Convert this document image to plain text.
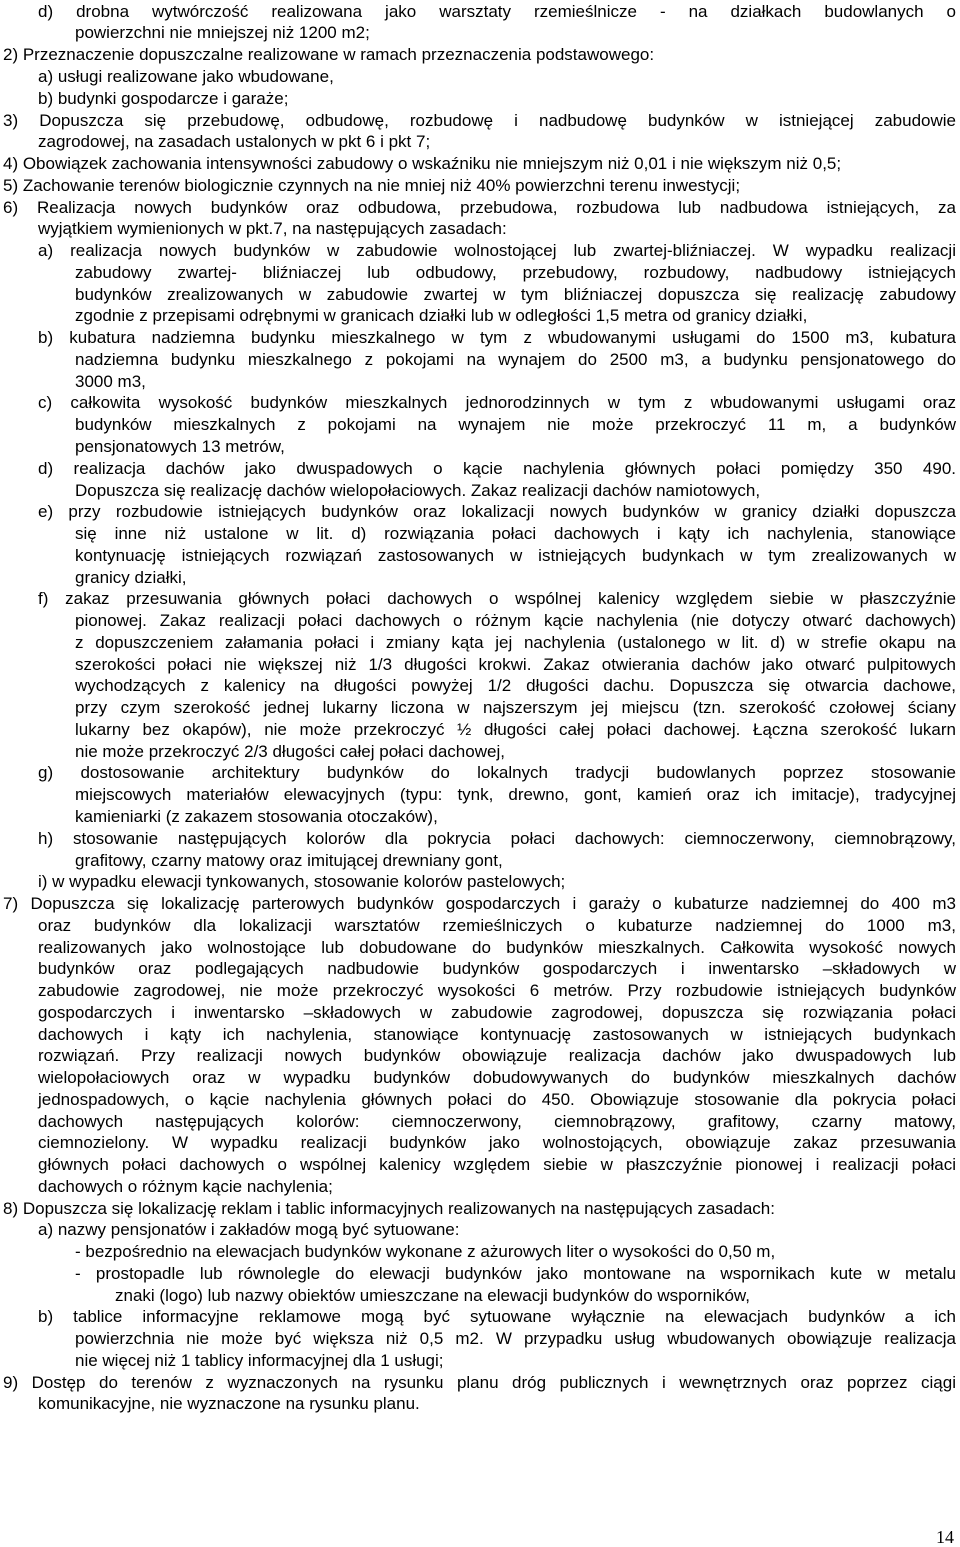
d) drobna wytwórczość realizowana jako warsztaty rzemieślnicze - na działkach budowlanych o

powierzchni nie mniejszej niż 1200 m2;

2) Przeznaczenie dopuszczalne realizowane w ramach przeznaczenia podstawowego:

a) usługi realizowane jako wbudowane,

b) budynki gospodarcze i garaże;

3) Dopuszcza się przebudowę, odbudowę, rozbudowę i nadbudowę budynków w istniejącej zabudowie

zagrodowej, na zasadach ustalonych w pkt 6 i pkt 7;

4) Obowiązek zachowania intensywności zabudowy o wskaźniku nie mniejszym niż 0,01 i nie większym niż 0,5;

5) Zachowanie terenów biologicznie czynnych na nie mniej niż 40% powierzchni terenu inwestycji;

6) Realizacja nowych budynków oraz odbudowa, przebudowa, rozbudowa lub nadbudowa istniejących, za

wyjątkiem wymienionych w pkt.7, na następujących zasadach:

a) realizacja nowych budynków w zabudowie wolnostojącej lub zwartej-bliźniaczej. W wypadku realizacji

zabudowy zwartej- bliźniaczej lub odbudowy, przebudowy, rozbudowy, nadbudowy istniejących

budynków zrealizowanych w zabudowie zwartej w tym bliźniaczej dopuszcza się realizację zabudowy

zgodnie z przepisami odrębnymi w granicach działki lub w odległości 1,5 metra od granicy działki,

b) kubatura nadziemna budynku mieszkalnego w tym z wbudowanymi usługami do 1500 m3, kubatura

nadziemna budynku mieszkalnego z pokojami na wynajem do 2500 m3, a budynku pensjonatowego do

3000 m3,

c) całkowita wysokość budynków mieszkalnych jednorodzinnych w tym z wbudowanymi usługami oraz

budynków mieszkalnych z pokojami na wynajem nie może przekroczyć 11 m, a budynków

pensjonatowych 13 metrów,

d) realizacja dachów jako dwuspadowych o kącie nachylenia głównych połaci pomiędzy 350 490.

Dopuszcza się realizację dachów wielopołaciowych. Zakaz realizacji dachów namiotowych,

e) przy rozbudowie istniejących budynków oraz lokalizacji nowych budynków w granicy działki dopuszcza

się inne niż ustalone w lit. d) rozwiązania połaci dachowych i kąty ich nachylenia, stanowiące

kontynuację istniejących rozwiązań zastosowanych w istniejących budynkach w tym zrealizowanych w

granicy działki,

f) zakaz przesuwania głównych połaci dachowych o wspólnej kalenicy względem siebie w płaszczyźnie

pionowej. Zakaz realizacji połaci dachowych o różnym kącie nachylenia (nie dotyczy otwarć dachowych)

z dopuszczeniem załamania połaci i zmiany kąta jej nachylenia (ustalonego w lit. d) w strefie okapu na

szerokości połaci nie większej niż 1/3 długości krokwi. Zakaz otwierania dachów jako otwarć pulpitowych

wychodzących z kalenicy na długości powyżej 1/2 długości dachu. Dopuszcza się otwarcia dachowe,

przy czym szerokość jednej lukarny liczona w najszerszym jej miejscu (tzn. szerokość czołowej ściany

lukarny bez okapów), nie może przekroczyć ½ długości całej połaci dachowej. Łączna szerokość lukarn

nie może przekroczyć 2/3 długości całej połaci dachowej,

g) dostosowanie architektury budynków do lokalnych tradycji budowlanych poprzez stosowanie

miejscowych materiałów elewacyjnych (typu: tynk, drewno, gont, kamień oraz ich imitacje), tradycyjnej

kamieniarki (z zakazem stosowania otoczaków),

h) stosowanie następujących kolorów dla pokrycia połaci dachowych: ciemnoczerwony, ciemnobrązowy,

grafitowy, czarny matowy oraz imitującej drewniany gont,

i) w wypadku elewacji tynkowanych, stosowanie kolorów pastelowych;

7) Dopuszcza się lokalizację parterowych budynków gospodarczych i garaży o kubaturze nadziemnej do 400 m3

oraz budynków dla lokalizacji warsztatów rzemieślniczych o kubaturze nadziemnej do 1000 m3,

realizowanych jako wolnostojące lub dobudowane do budynków mieszkalnych. Całkowita wysokość nowych

budynków oraz podlegających nadbudowie budynków gospodarczych i inwentarsko –składowych w

zabudowie zagrodowej, nie może przekroczyć wysokości 6 metrów. Przy rozbudowie istniejących budynków

gospodarczych i inwentarsko –składowych w zabudowie zagrodowej, dopuszcza się rozwiązania połaci

dachowych i kąty ich nachylenia, stanowiące kontynuację zastosowanych w istniejących budynkach

rozwiązań. Przy realizacji nowych budynków obowiązuje realizacja dachów jako dwuspadowych lub

wielopołaciowych oraz w wypadku budynków dobudowywanych do budynków mieszkalnych dachów

jednospadowych, o kącie nachylenia głównych połaci do 450. Obowiązuje stosowanie dla pokrycia połaci

dachowych następujących kolorów: ciemnoczerwony, ciemnobrązowy, grafitowy, czarny matowy,

ciemnozielony. W wypadku realizacji budynków jako wolnostojących, obowiązuje zakaz przesuwania

głównych połaci dachowych o wspólnej kalenicy względem siebie w płaszczyźnie pionowej i realizacji połaci

dachowych o różnym kącie nachylenia;

8) Dopuszcza się lokalizację reklam i tablic informacyjnych realizowanych na następujących zasadach:

a) nazwy pensjonatów i zakładów mogą być sytuowane:

- bezpośrednio na elewacjach budynków wykonane z ażurowych liter o wysokości do 0,50 m,

- prostopadle lub równolegle do elewacji budynków jako montowane na wspornikach kute w metalu

znaki (logo) lub nazwy obiektów umieszczane na elewacji budynków do wsporników,

b) tablice informacyjne reklamowe mogą być sytuowane wyłącznie na elewacjach budynków a ich

powierzchnia nie może być większa niż 0,5 m2. W przypadku usług wbudowanych obowiązuje realizacja

nie więcej niż 1 tablicy informacyjnej dla 1 usługi;

9) Dostęp do terenów z wyznaczonych na rysunku planu dróg publicznych i wewnętrznych oraz poprzez ciągi

komunikacyjne, nie wyznaczone na rysunku planu.

14
